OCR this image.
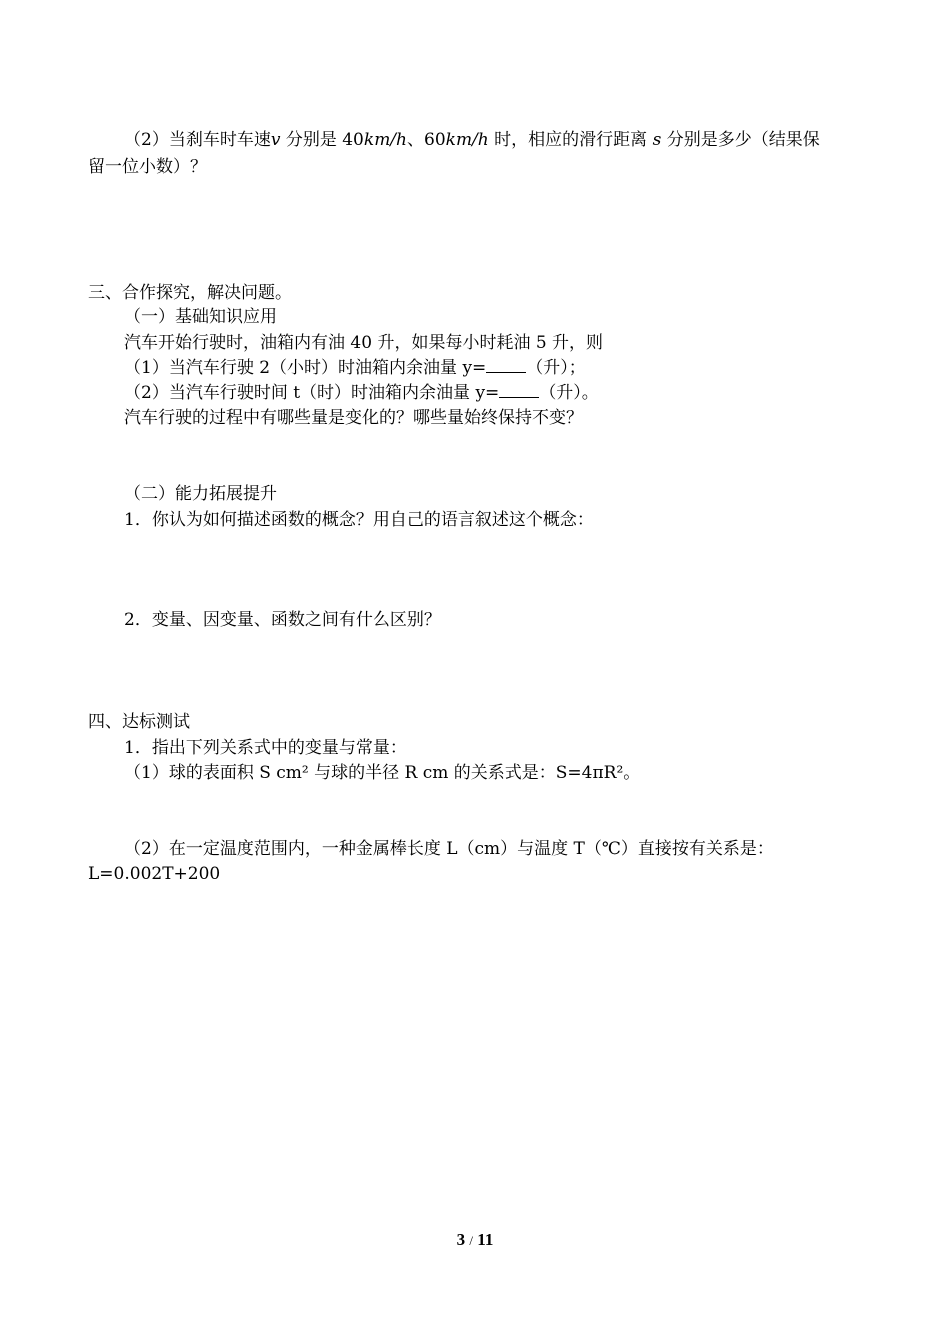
（2）当刹车时车速v 分别是 40km/h、60km/h 时，相应的滑行距离 s 分别是多少（结果保
留一位小数）？
三、合作探究，解决问题。
（一）基础知识应用
汽车开始行驶时，油箱内有油 40 升，如果每小时耗油 5 升，则
（1）当汽车行驶 2（小时）时油箱内余油量 y= （升）；
（2）当汽车行驶时间 t（时）时油箱内余油量 y= （升）。
汽车行驶的过程中有哪些量是变化的？哪些量始终保持不变？
（二）能力拓展提升
1．你认为如何描述函数的概念？用自己的语言叙述这个概念：
2．变量、因变量、函数之间有什么区别？
四、达标测试
1．指出下列关系式中的变量与常量：
（1）球的表面积 S cm² 与球的半径 R cm 的关系式是：S=4πR²。
（2）在一定温度范围内，一种金属棒长度 L（cm）与温度 T（℃）直接按有关系是：
L=0.002T+200
3 / 11
